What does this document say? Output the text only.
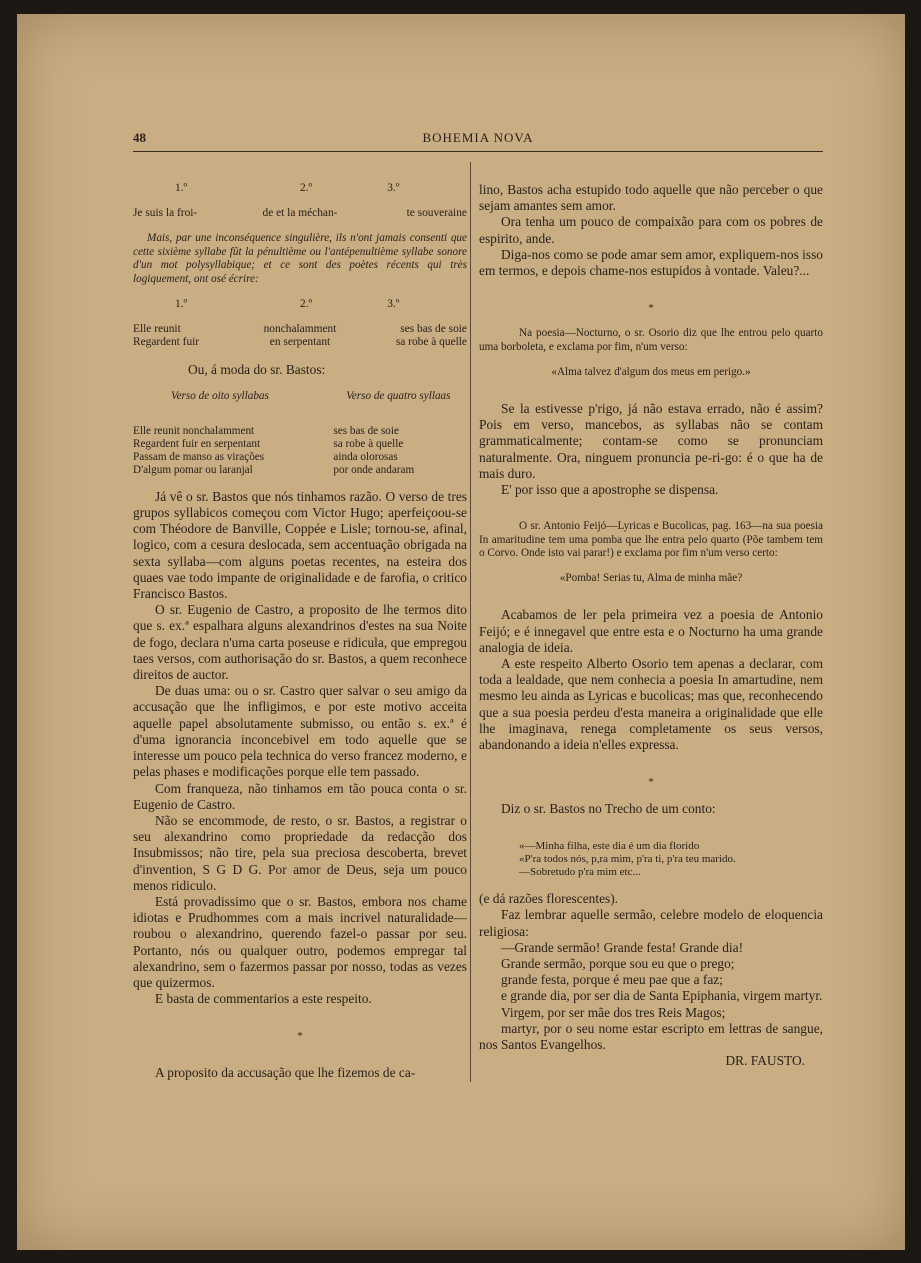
48	BOHEMIA NOVA
1.º	2.º	3.º
Je suis la froi-	de et la méchan-	te souveraine

Mais, par une inconséquence singulière, ils n'ont jamais consenti que cette sixième syllabe fût la pénultième ou l'antépenultième syllabe sonore d'un mot polysyllabique; et ce sont des poètes récents qui très logiquement, ont osé écrire:

1.º	2.º	3.º
Elle reunit	nonchalamment	ses bas de soie
Regardent fuir	en serpentant	sa robe à quelle

Ou, á moda do sr. Bastos:

Verso de oito syllabas	Verso de quatro syllaas
Elle reunit nonchalamment	ses bas de soie
Regardent fuir en serpentant	sa robe à quelle
Passam de manso as virações	ainda olorosas
D'algum pomar ou laranjal	por onde andaram

Já vê o sr. Bastos que nós tinhamos razão. O verso de tres grupos syllabicos começou com Victor Hugo; aperfeiçoou-se com Théodore de Banville, Coppée e Lisle; tornou-se, afinal, logico, com a cesura deslocada, sem accentuação obrigada na sexta syllaba—com alguns poetas recentes, na esteira dos quaes vae todo impante de originalidade e de farofia, o critico Francisco Bastos.

O sr. Eugenio de Castro, a proposito de lhe termos dito que s. ex.ª espalhara alguns alexandrinos d'estes na sua Noite de fogo, declara n'uma carta poseuse e ridicula, que empregou taes versos, com authorisação do sr. Bastos, a quem reconhece direitos de auctor.

De duas uma: ou o sr. Castro quer salvar o seu amigo da accusação que lhe infligimos, e por este motivo acceita aquelle papel absolutamente submisso, ou então s. ex.ª é d'uma ignorancia inconcebivel em todo aquelle que se interesse um pouco pela technica do verso francez moderno, e pelas phases e modificações porque elle tem passado.

Com franqueza, não tinhamos em tão pouca conta o sr. Eugenio de Castro.

Não se encommode, de resto, o sr. Bastos, a registrar o seu alexandrino como propriedade da redacção dos Insubmissos; não tire, pela sua preciosa descoberta, brevet d'invention, S G D G. Por amor de Deus, seja um pouco menos ridiculo.

Está provadissimo que o sr. Bastos, embora nos chame idiotas e Prudhommes com a mais incrivel naturalidade—roubou o alexandrino, querendo fazel-o passar por seu. Portanto, nós ou qualquer outro, podemos empregar tal alexandrino, sem o fazermos passar por nosso, todas as vezes que quizermos.

E basta de commentarios a este respeito.

*

A proposito da accusação que lhe fizemos de ca-

lino, Bastos acha estupido todo aquelle que não perceber o que sejam amantes sem amor.

Ora tenha um pouco de compaixão para com os pobres de espirito, ande.

Diga-nos como se pode amar sem amor, expliquem-nos isso em termos, e depois chame-nos estupidos à vontade. Valeu?...

*

Na poesia—Nocturno, o sr. Osorio diz que lhe entrou pelo quarto uma borboleta, e exclama por fim, n'um verso:

«Alma talvez d'algum dos meus em perigo.»

Se la estivesse p'rigo, já não estava errado, não é assim? Pois em verso, mancebos, as syllabas não se contam grammaticalmente; contam-se como se pronunciam naturalmente. Ora, ninguem pronuncia pe-ri-go: é o que ha de mais duro.

E' por isso que a apostrophe se dispensa.

O sr. Antonio Feijó—Lyricas e Bucolicas, pag. 163—na sua poesia In amaritudine tem uma pomba que lhe entra pelo quarto (Põe tambem tem o Corvo. Onde isto vai parar!) e exclama por fim n'um verso certo:

«Pomba! Serias tu, Alma de minha mãe?

Acabamos de ler pela primeira vez a poesia de Antonio Feijó; e é innegavel que entre esta e o Nocturno ha uma grande analogia de ideia.

A este respeito Alberto Osorio tem apenas a declarar, com toda a lealdade, que nem conhecia a poesia In amartudine, nem mesmo leu ainda as Lyricas e bucolicas; mas que, reconhecendo que a sua poesia perdeu d'esta maneira a originalidade que elle lhe imaginava, renega completamente os seus versos, abandonando a ideia n'elles expressa.

*

Diz o sr. Bastos no Trecho de um conto:

«—Minha filha, este dia é um dia florido
«P'ra todos nós, p,ra mim, p'ra ti, p'ra teu marido.
—Sobretudo p'ra mim etc...

(e dá razões florescentes).

Faz lembrar aquelle sermão, celebre modelo de eloquencia religiosa:

—Grande sermão! Grande festa! Grande dia!

Grande sermão, porque sou eu que o prego;

grande festa, porque é meu pae que a faz;

e grande dia, por ser dia de Santa Epiphania, virgem martyr.

Virgem, por ser mãe dos tres Reis Magos;

martyr, por o seu nome estar escripto em lettras de sangue, nos Santos Evangelhos.

DR. FAUSTO.
